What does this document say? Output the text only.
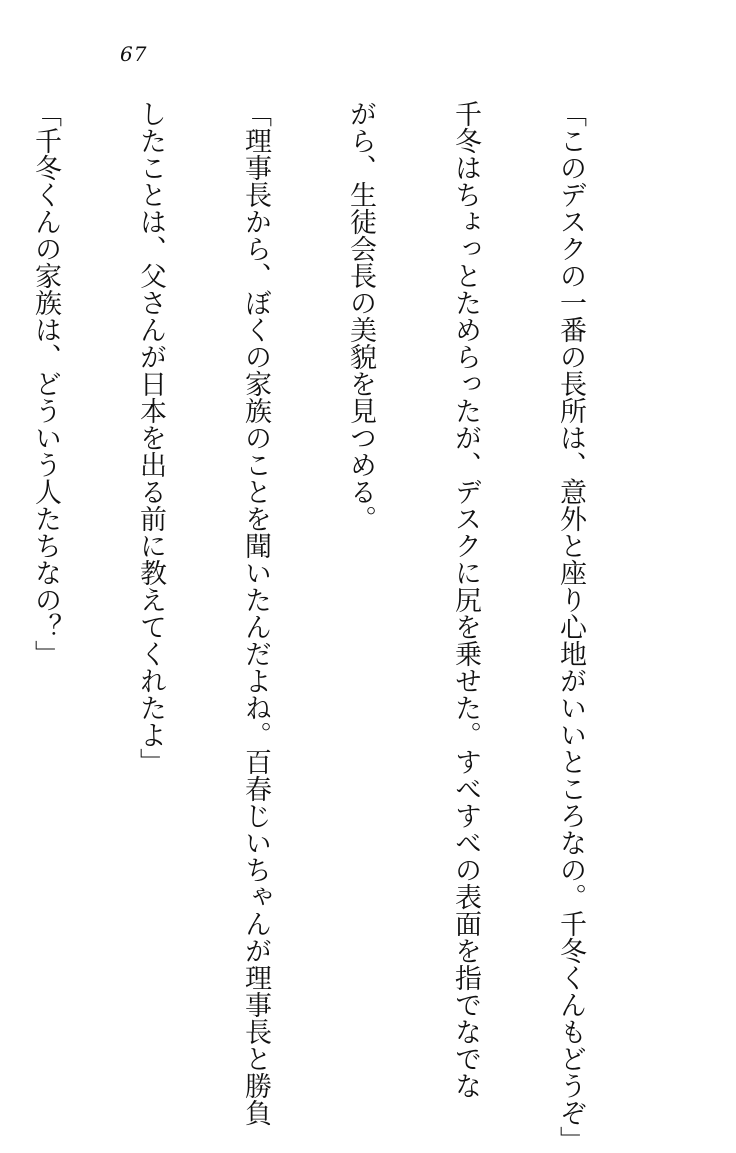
67

「このデスクの一番の長所は、意外と座り心地がいいところなの。千冬くんもどうぞ」

千冬はちょっとためらったが、デスクに尻を乗せた。すべすべの表面を指でなでな

がら、生徒会長の美貌を見つめる。

「理事長から、ぼくの家族のことを聞いたんだよね。百春じいちゃんが理事長と勝負

したことは、父さんが日本を出る前に教えてくれたよ」

「千冬くんの家族は、どういう人たちなの？」
